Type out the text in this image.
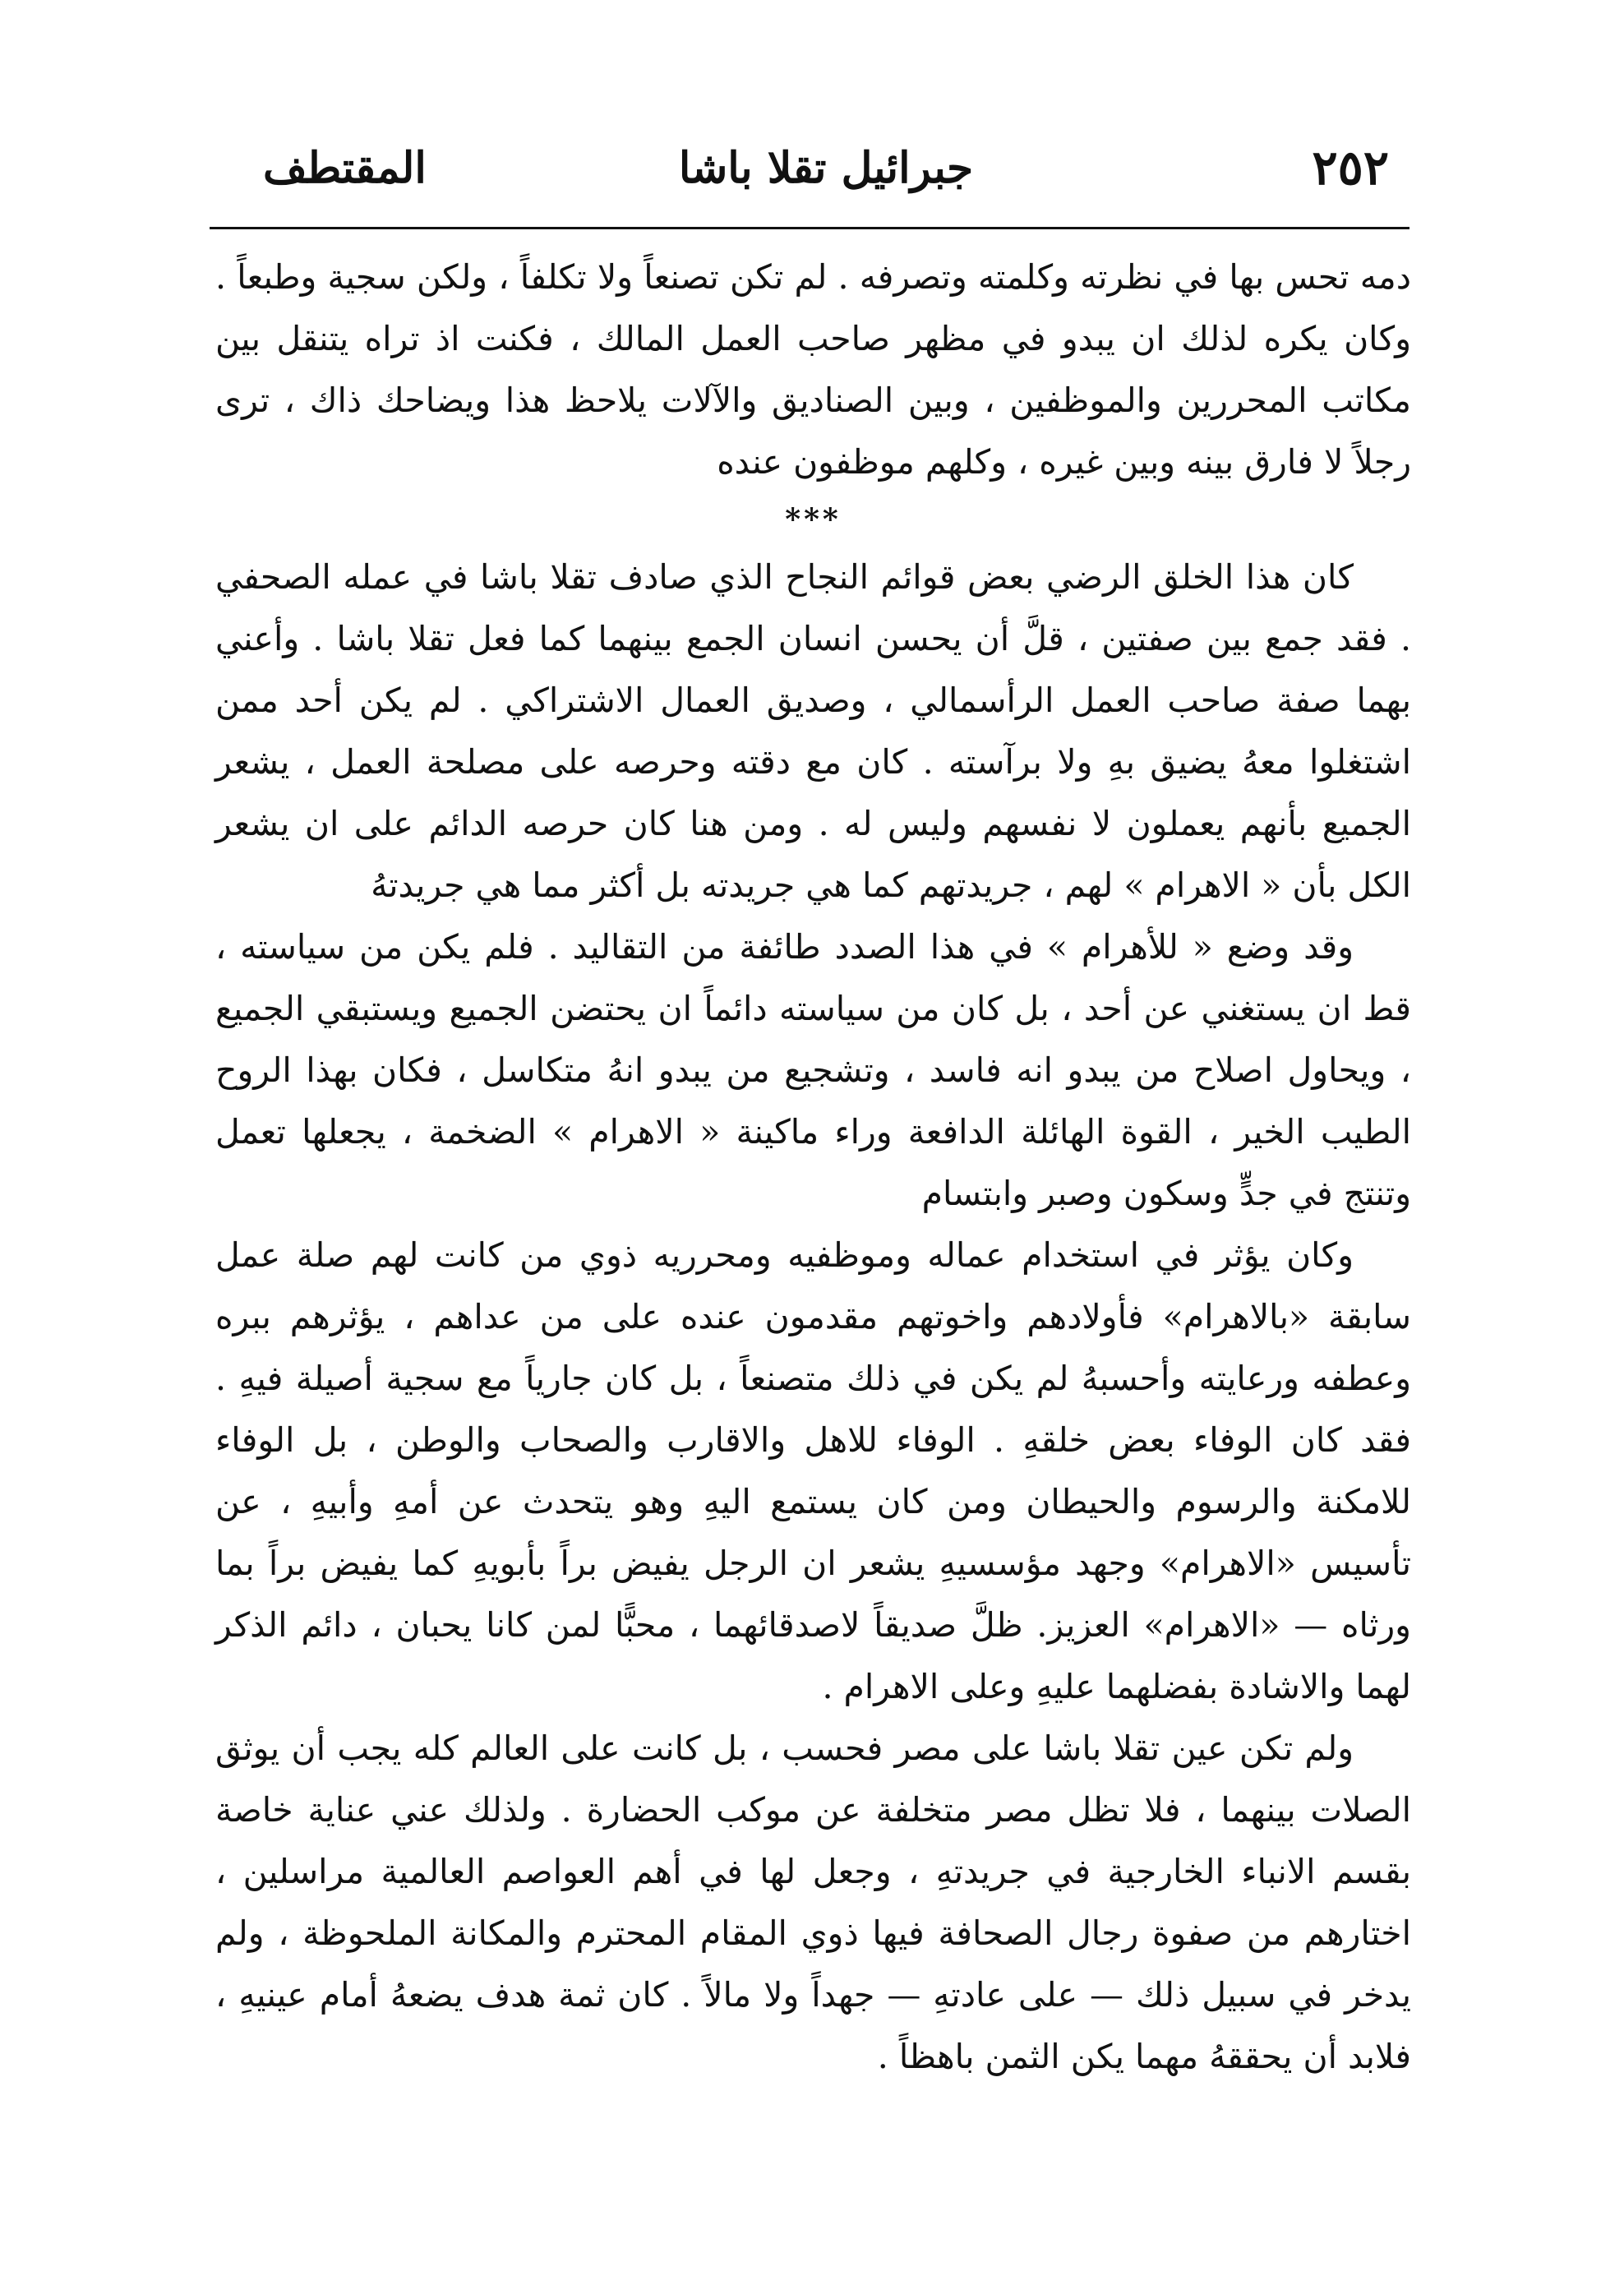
٢٥٢
جبرائيل تقلا باشا
المقتطف

دمه تحس بها في نظرته وكلمته وتصرفه . لم تكن تصنعاً ولا تكلفاً ، ولكن سجية وطبعاً . وكان يكره لذلك ان يبدو في مظهر صاحب العمل المالك ، فكنت اذ تراه يتنقل بين مكاتب المحررين والموظفين ، وبين الصناديق والآلات يلاحظ هذا ويضاحك ذاك ، ترى رجلاً لا فارق بينه وبين غيره ، وكلهم موظفون عنده

***

كان هذا الخلق الرضي بعض قوائم النجاح الذي صادف تقلا باشا في عمله الصحفي . فقد جمع بين صفتين ، قلَّ أن يحسن انسان الجمع بينهما كما فعل تقلا باشا . وأعني بهما صفة صاحب العمل الرأسمالي ، وصديق العمال الاشتراكي . لم يكن أحد ممن اشتغلوا معهُ يضيق بهِ ولا برآسته . كان مع دقته وحرصه على مصلحة العمل ، يشعر الجميع بأنهم يعملون لا نفسهم وليس له . ومن هنا كان حرصه الدائم على ان يشعر الكل بأن « الاهرام » لهم ، جريدتهم كما هي جريدته بل أكثر مما هي جريدتهُ

وقد وضع « للأهرام » في هذا الصدد طائفة من التقاليد . فلم يكن من سياسته ، قط ان يستغني عن أحد ، بل كان من سياسته دائماً ان يحتضن الجميع ويستبقي الجميع ، ويحاول اصلاح من يبدو انه فاسد ، وتشجيع من يبدو انهُ متكاسل ، فكان بهذا الروح الطيب الخير ، القوة الهائلة الدافعة وراء ماكينة « الاهرام » الضخمة ، يجعلها تعمل وتنتج في جدٍّ وسكون وصبر وابتسام

وكان يؤثر في استخدام عماله وموظفيه ومحرريه ذوي من كانت لهم صلة عمل سابقة «بالاهرام» فأولادهم واخوتهم مقدمون عنده على من عداهم ، يؤثرهم ببره وعطفه ورعايته وأحسبهُ لم يكن في ذلك متصنعاً ، بل كان جارياً مع سجية أصيلة فيهِ . فقد كان الوفاء بعض خلقهِ . الوفاء للاهل والاقارب والصحاب والوطن ، بل الوفاء للامكنة والرسوم والحيطان ومن كان يستمع اليهِ وهو يتحدث عن أمهِ وأبيهِ ، عن تأسيس «الاهرام» وجهد مؤسسيهِ يشعر ان الرجل يفيض براً بأبويهِ كما يفيض براً بما ورثاه — «الاهرام» العزيز. ظلَّ صديقاً لاصدقائهما ، محبًّا لمن كانا يحبان ، دائم الذكر لهما والاشادة بفضلهما عليهِ وعلى الاهرام .

ولم تكن عين تقلا باشا على مصر فحسب ، بل كانت على العالم كله يجب أن يوثق الصلات بينهما ، فلا تظل مصر متخلفة عن موكب الحضارة . ولذلك عني عناية خاصة بقسم الانباء الخارجية في جريدتهِ ، وجعل لها في أهم العواصم العالمية مراسلين ، اختارهم من صفوة رجال الصحافة فيها ذوي المقام المحترم والمكانة الملحوظة ، ولم يدخر في سبيل ذلك — على عادتهِ — جهداً ولا مالاً . كان ثمة هدف يضعهُ أمام عينيهِ ، فلابد أن يحققهُ مهما يكن الثمن باهظاً .
